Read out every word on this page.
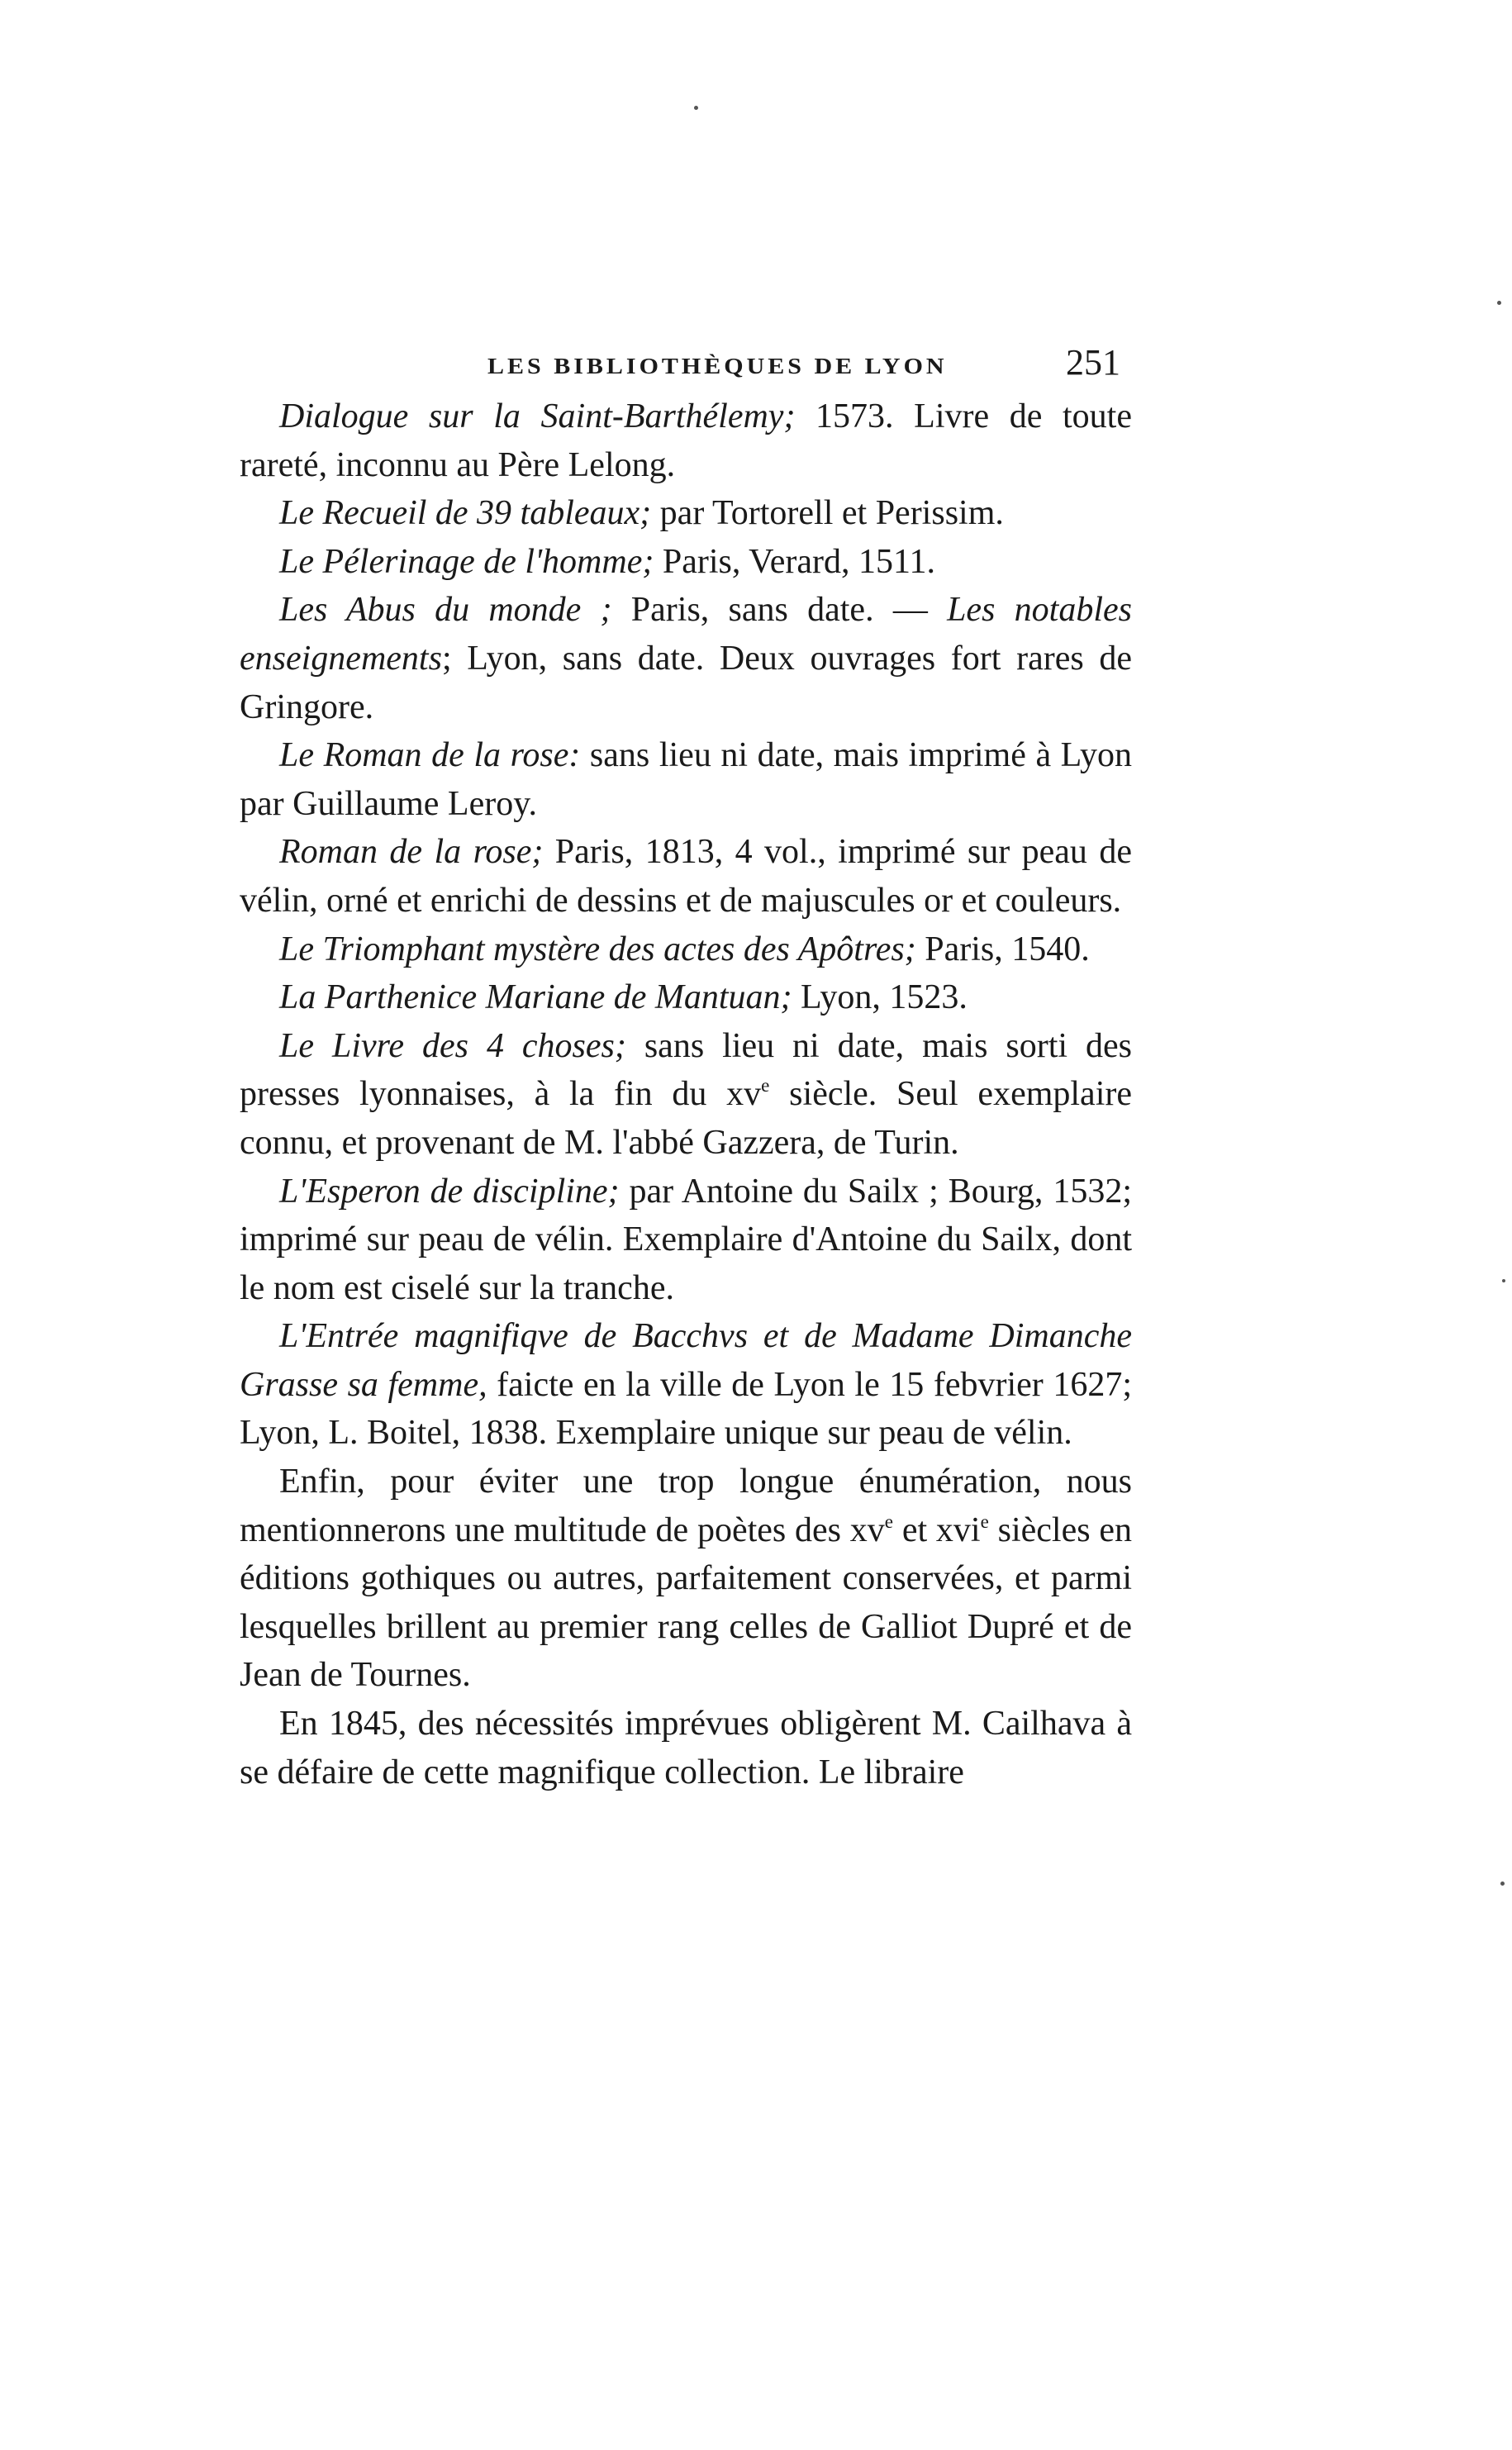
LES BIBLIOTHÈQUES DE LYON	251

Dialogue sur la Saint-Barthélemy; 1573. Livre de toute rareté, inconnu au Père Lelong.

Le Recueil de 39 tableaux; par Tortorell et Perissim.

Le Pélerinage de l'homme; Paris, Verard, 1511.

Les Abus du monde ; Paris, sans date. — Les notables enseignements; Lyon, sans date. Deux ouvrages fort rares de Gringore.

Le Roman de la rose: sans lieu ni date, mais imprimé à Lyon par Guillaume Leroy.

Roman de la rose; Paris, 1813, 4 vol., imprimé sur peau de vélin, orné et enrichi de dessins et de majuscules or et couleurs.

Le Triomphant mystère des actes des Apôtres; Paris, 1540.

La Parthenice Mariane de Mantuan; Lyon, 1523.

Le Livre des 4 choses; sans lieu ni date, mais sorti des presses lyonnaises, à la fin du $xv^e$ siècle. Seul exemplaire connu, et provenant de M. l'abbé Gazzera, de Turin.

L'Esperon de discipline; par Antoine du Sailx ; Bourg, 1532; imprimé sur peau de vélin. Exemplaire d'Antoine du Sailx, dont le nom est ciselé sur la tranche.

L'Entrée magnifiqve de Bacchvs et de Madame Dimanche Grasse sa femme, faicte en la ville de Lyon le 15 febvrier 1627; Lyon, L. Boitel, 1838. Exemplaire unique sur peau de vélin.

Enfin, pour éviter une trop longue énumération, nous mentionnerons une multitude de poètes des $xv^e$ et xvi$^e$ siècles en éditions gothiques ou autres, parfaitement conservées, et parmi lesquelles brillent au premier rang celles de Galliot Dupré et de Jean de Tournes.

En 1845, des nécessités imprévues obligèrent M. Cailhava à se défaire de cette magnifique collection. Le libraire
